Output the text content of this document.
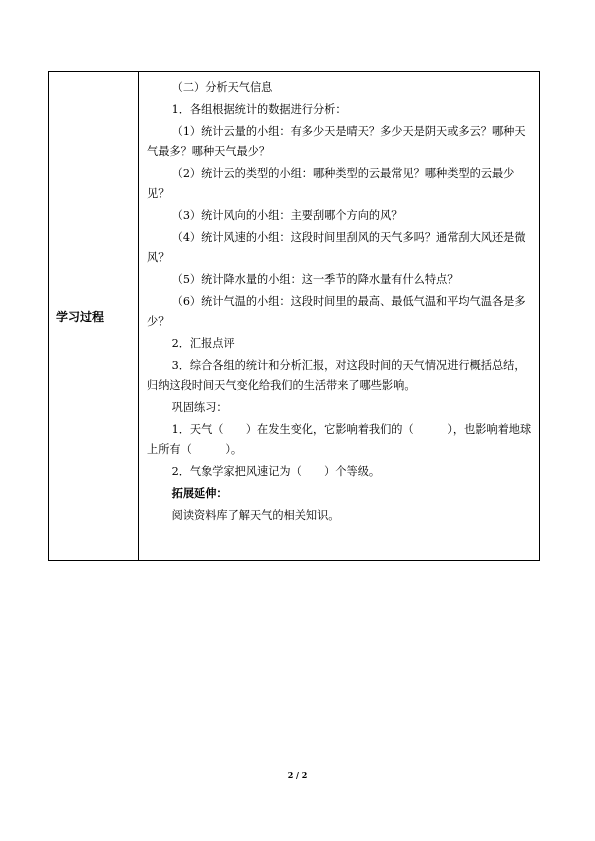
学习过程

（二）分析天气信息

1．各组根据统计的数据进行分析：

（1）统计云量的小组：有多少天是晴天？多少天是阴天或多云？哪种天气最多？哪种天气最少？

（2）统计云的类型的小组：哪种类型的云最常见？哪种类型的云最少见？

（3）统计风向的小组：主要刮哪个方向的风？

（4）统计风速的小组：这段时间里刮风的天气多吗？通常刮大风还是微风？

（5）统计降水量的小组：这一季节的降水量有什么特点？

（6）统计气温的小组：这段时间里的最高、最低气温和平均气温各是多少？

2．汇报点评

3．综合各组的统计和分析汇报，对这段时间的天气情况进行概括总结，归纳这段时间天气变化给我们的生活带来了哪些影响。

巩固练习：

1．天气（　　）在发生变化，它影响着我们的（　　　），也影响着地球上所有（　　　）。

2．气象学家把风速记为（　　）个等级。

拓展延伸：

阅读资料库了解天气的相关知识。

2 / 2
